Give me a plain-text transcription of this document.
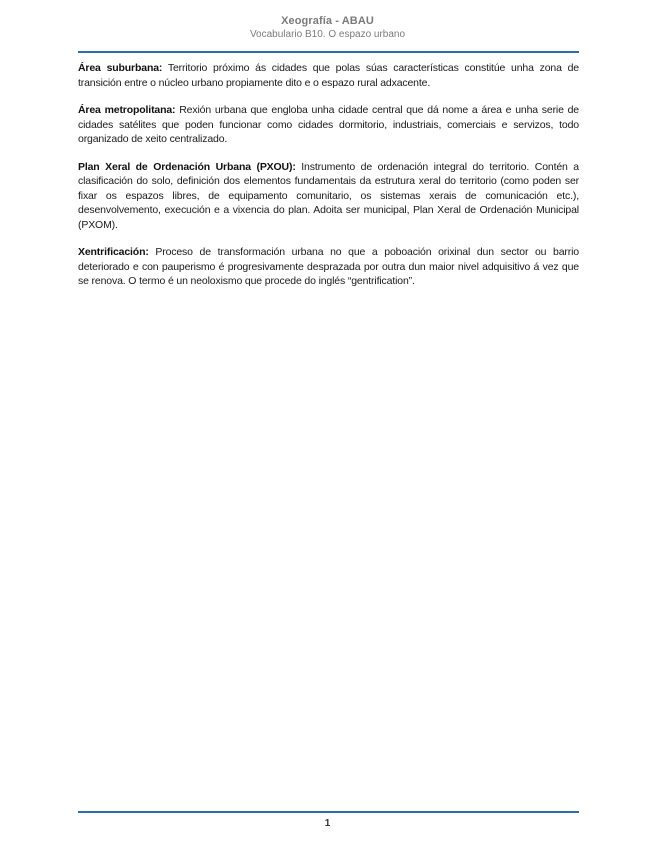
Xeografía - ABAU
Vocabulario B10. O espazo urbano

Área suburbana: Territorio próximo ás cidades que polas súas características constitúe unha zona de transición entre o núcleo urbano propiamente dito e o espazo rural adxacente.

Área metropolitana: Rexión urbana que engloba unha cidade central que dá nome a área e unha serie de cidades satélites que poden funcionar como cidades dormitorio, industriais, comerciais e servizos, todo organizado de xeito centralizado.

Plan Xeral de Ordenación Urbana (PXOU): Instrumento de ordenación integral do territorio. Contén a clasificación do solo, definición dos elementos fundamentais da estrutura xeral do territorio (como poden ser fixar os espazos libres, de equipamento comunitario, os sistemas xerais de comunicación etc.), desenvolvemento, execución e a vixencia do plan. Adoita ser municipal, Plan Xeral de Ordenación Municipal (PXOM).

Xentrificación: Proceso de transformación urbana no que a poboación orixinal dun sector ou barrio deteriorado e con pauperismo é progresivamente desprazada por outra dun maior nivel adquisitivo á vez que se renova. O termo é un neoloxismo que procede do inglés “gentrification”.

1
